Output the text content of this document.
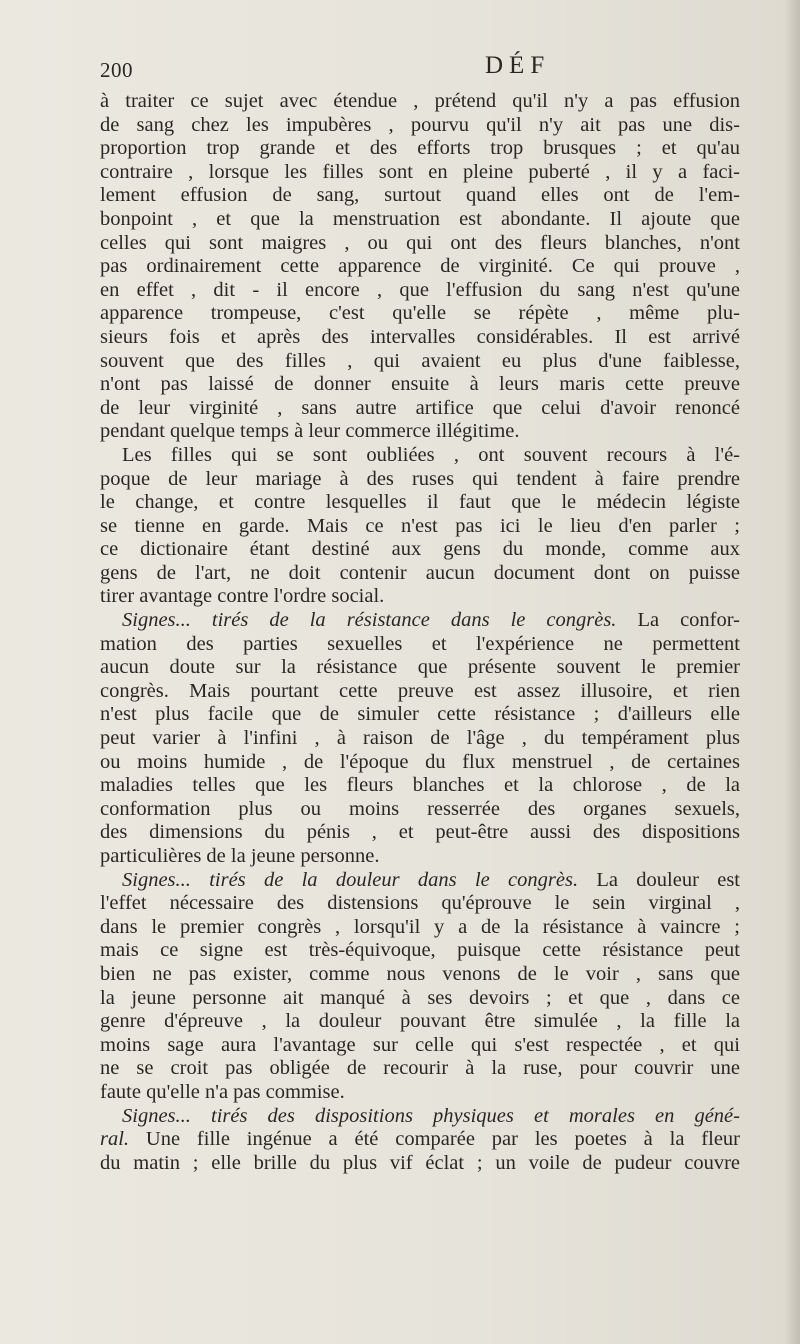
200	DÉF
à traiter ce sujet avec étendue , prétend qu'il n'y a pas effusion
de sang chez les impubères , pourvu qu'il n'y ait pas une dis-
proportion trop grande et des efforts trop brusques ; et qu'au
contraire , lorsque les filles sont en pleine puberté , il y a faci-
lement effusion de sang, surtout quand elles ont de l'em-
bonpoint , et que la menstruation est abondante. Il ajoute que
celles qui sont maigres , ou qui ont des fleurs blanches, n'ont
pas ordinairement cette apparence de virginité. Ce qui prouve ,
en effet , dit - il encore , que l'effusion du sang n'est qu'une
apparence trompeuse, c'est qu'elle se répète , même plu-
sieurs fois et après des intervalles considérables. Il est arrivé
souvent que des filles , qui avaient eu plus d'une faiblesse,
n'ont pas laissé de donner ensuite à leurs maris cette preuve
de leur virginité , sans autre artifice que celui d'avoir renoncé
pendant quelque temps à leur commerce illégitime.
Les filles qui se sont oubliées , ont souvent recours à l'é-
poque de leur mariage à des ruses qui tendent à faire prendre
le change, et contre lesquelles il faut que le médecin légiste
se tienne en garde. Mais ce n'est pas ici le lieu d'en parler ;
ce dictionaire étant destiné aux gens du monde, comme aux
gens de l'art, ne doit contenir aucun document dont on puisse
tirer avantage contre l'ordre social.
Signes... tirés de la résistance dans le congrès. La confor-
mation des parties sexuelles et l'expérience ne permettent
aucun doute sur la résistance que présente souvent le premier
congrès. Mais pourtant cette preuve est assez illusoire, et rien
n'est plus facile que de simuler cette résistance ; d'ailleurs elle
peut varier à l'infini , à raison de l'âge , du tempérament plus
ou moins humide , de l'époque du flux menstruel , de certaines
maladies telles que les fleurs blanches et la chlorose , de la
conformation plus ou moins resserrée des organes sexuels,
des dimensions du pénis , et peut-être aussi des dispositions
particulières de la jeune personne.
Signes... tirés de la douleur dans le congrès. La douleur est
l'effet nécessaire des distensions qu'éprouve le sein virginal ,
dans le premier congrès , lorsqu'il y a de la résistance à vaincre ;
mais ce signe est très-équivoque, puisque cette résistance peut
bien ne pas exister, comme nous venons de le voir , sans que
la jeune personne ait manqué à ses devoirs ; et que , dans ce
genre d'épreuve , la douleur pouvant être simulée , la fille la
moins sage aura l'avantage sur celle qui s'est respectée , et qui
ne se croit pas obligée de recourir à la ruse, pour couvrir une
faute qu'elle n'a pas commise.
Signes... tirés des dispositions physiques et morales en géné-
ral. Une fille ingénue a été comparée par les poetes à la fleur
du matin ; elle brille du plus vif éclat ; un voile de pudeur couvre
